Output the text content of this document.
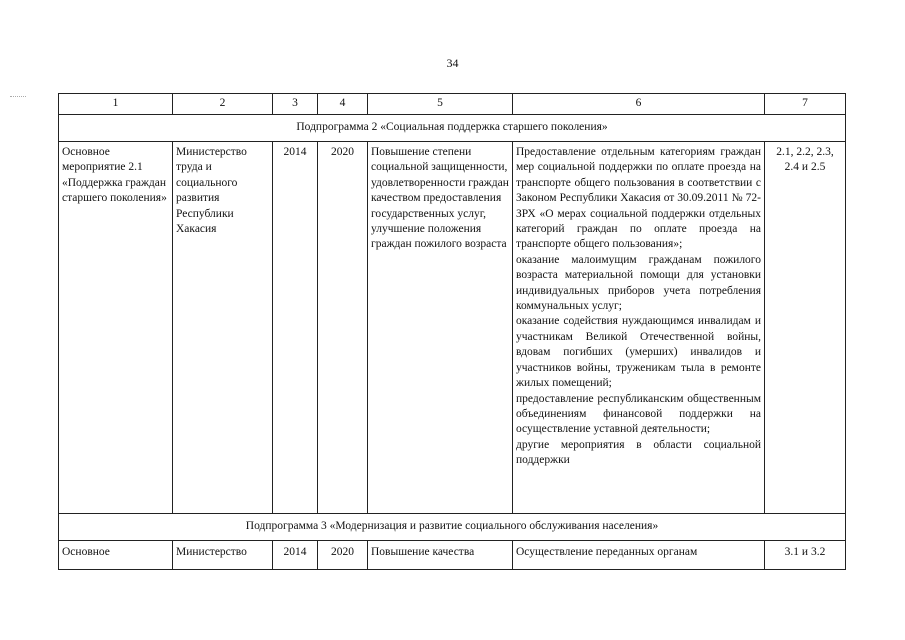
34
1	2	3	4	5	6	7
Подпрограмма 2 «Социальная поддержка старшего поколения»						
Основное мероприятие 2.1 «Поддержка граждан старшего поколения»	Министерство труда и социального развития Республики Хакасия	2014	2020	Повышение степени социальной защищенности, удовлетворенности граждан качеством предоставления государственных услуг, улучшение положения граждан пожилого возраста	Предоставление отдельным категориям граждан мер социальной поддержки по оплате проезда на транспорте общего пользования в соответствии с Законом Республики Хакасия от 30.09.2011 № 72-ЗРХ «О мерах социальной поддержки отдельных категорий граждан по оплате проезда на транспорте общего пользования»;
оказание малоимущим гражданам пожилого возраста материальной помощи для установки индивидуальных приборов учета потребления коммунальных услуг;
оказание содействия нуждающимся инвалидам и участникам Великой Отечественной войны, вдовам погибших (умерших) инвалидов и участников войны, труженикам тыла в ремонте жилых помещений;
предоставление республиканским общественным объединениям финансовой поддержки на осуществление уставной деятельности;
другие мероприятия в области социальной поддержки	2.1, 2.2, 2.3, 2.4 и 2.5
Подпрограмма 3 «Модернизация и развитие социального обслуживания населения»						
Основное	Министерство	2014	2020	Повышение качества	Осуществление переданных органам	3.1 и 3.2
